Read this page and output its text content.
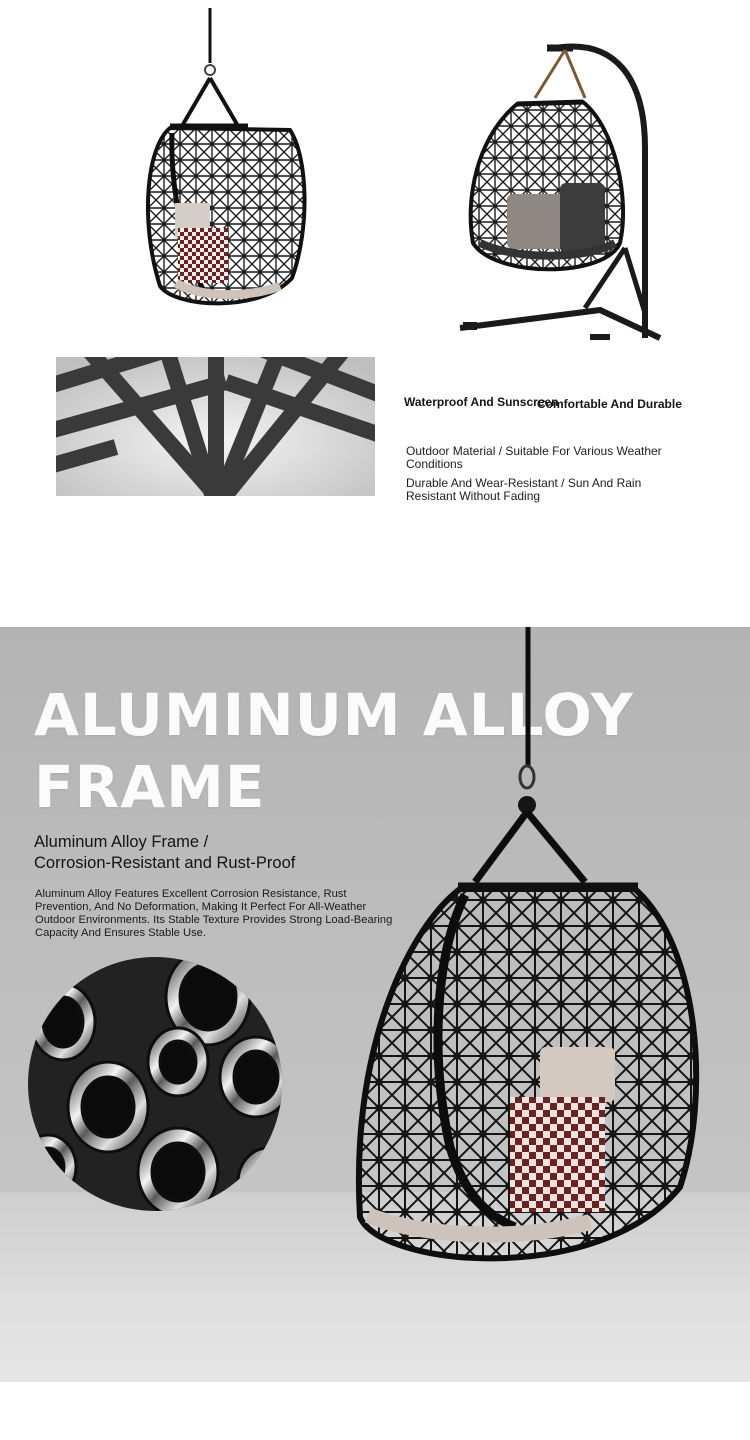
Waterproof And Sunscreen
Comfortable And Durable
Outdoor Material / Suitable For Various Weather Conditions
Durable And Wear-Resistant / Sun And Rain Resistant Without Fading
ALUMINUM ALLOY
FRAME
Aluminum Alloy Frame /
Corrosion-Resistant and Rust-Proof
Aluminum Alloy Features Excellent Corrosion Resistance, Rust Prevention, And No Deformation, Making It Perfect For All-Weather Outdoor Environments. Its Stable Texture Provides Strong Load-Bearing Capacity And Ensures Stable Use.
